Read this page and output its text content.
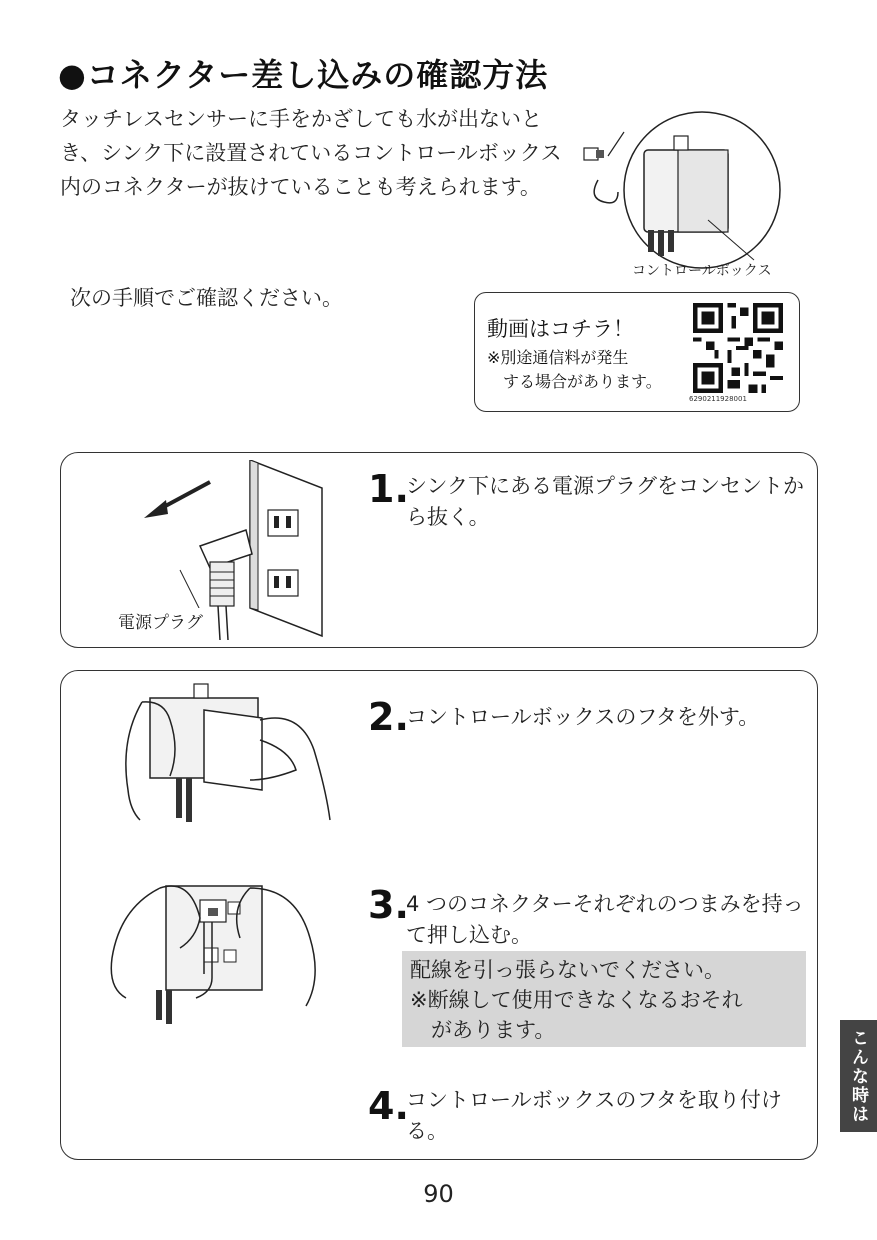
●コネクター差し込みの確認方法
タッチレスセンサーに手をかざしても水が出ないとき、シンク下に設置されているコントロールボックス内のコネクターが抜けていることも考えられます。
次の手順でご確認ください。
コントロールボックス
動画はコチラ！
※別途通信料が発生
する場合があります。
6290211928001
電源プラグ
1.
シンク下にある電源プラグをコンセントから抜く。
2.
コントロールボックスのフタを外す。
3.
4 つのコネクターそれぞれのつまみを持って押し込む。
配線を引っ張らないでください。
※断線して使用できなくなるおそれ
があります。
4.
コントロールボックスのフタを取り付ける。
こんな時は
90
